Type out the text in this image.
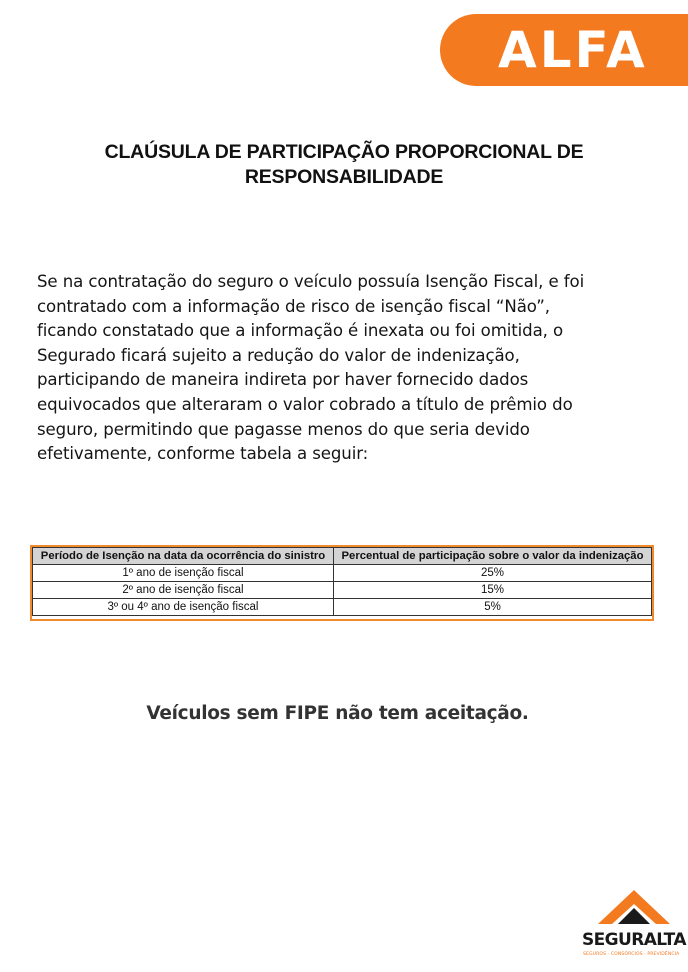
ALFA
CLAÚSULA DE PARTICIPAÇÃO PROPORCIONAL DE
RESPONSABILIDADE
Se na contratação do seguro o veículo possuía Isenção Fiscal, e foi
contratado com a informação de risco de isenção fiscal “Não”,
ficando constatado que a informação é inexata ou foi omitida, o
Segurado ficará sujeito a redução do valor de indenização,
participando de maneira indireta por haver fornecido dados
equivocados que alteraram o valor cobrado a título de prêmio do
seguro, permitindo que pagasse menos do que seria devido
efetivamente, conforme tabela a seguir:
Período de Isenção na data da ocorrência do sinistro	Percentual de participação sobre o valor da indenização
1º ano de isenção fiscal	25%
2º ano de isenção fiscal	15%
3º ou 4º ano de isenção fiscal	5%
Veículos sem FIPE não tem aceitação.
SEGURALTA
SEGUROS · CONSÓRCIOS · PREVIDÊNCIA
